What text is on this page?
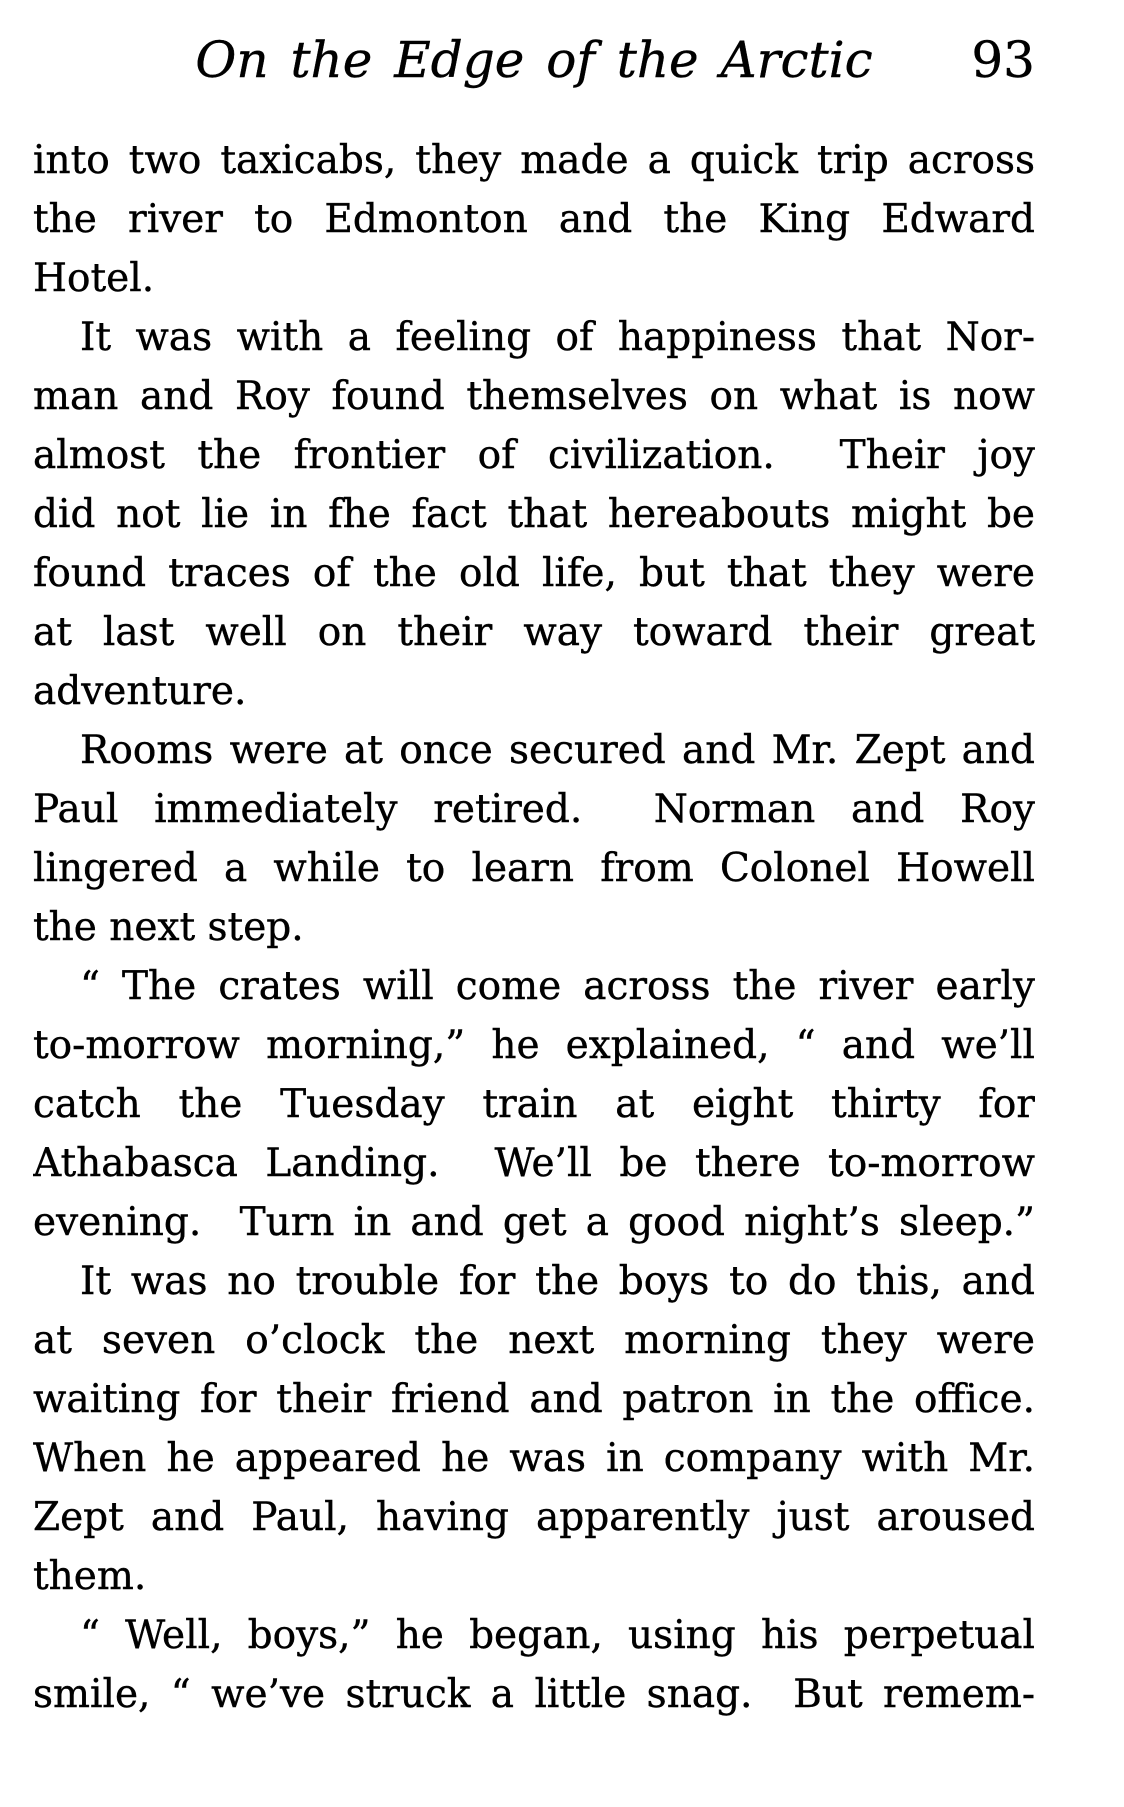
On the Edge of the Arctic 93
into two taxicabs, they made a quick trip across
the river to Edmonton and the King Edward
Hotel.
It was with a feeling of happiness that Nor-
man and Roy found themselves on what is now
almost the frontier of civilization.  Their joy
did not lie in fhe fact that hereabouts might be
found traces of the old life, but that they were
at last well on their way toward their great
adventure.
Rooms were at once secured and Mr. Zept and
Paul immediately retired.  Norman and Roy
lingered a while to learn from Colonel Howell
the next step.
“ The crates will come across the river early
to-morrow morning,” he explained, “ and we’ll
catch the Tuesday train at eight thirty for
Athabasca Landing.  We’ll be there to-morrow
evening.  Turn in and get a good night’s sleep.”
It was no trouble for the boys to do this, and
at seven o’clock the next morning they were
waiting for their friend and patron in the office.
When he appeared he was in company with Mr.
Zept and Paul, having apparently just aroused
them.
“ Well, boys,” he began, using his perpetual
smile, “ we’ve struck a little snag.  But remem-
